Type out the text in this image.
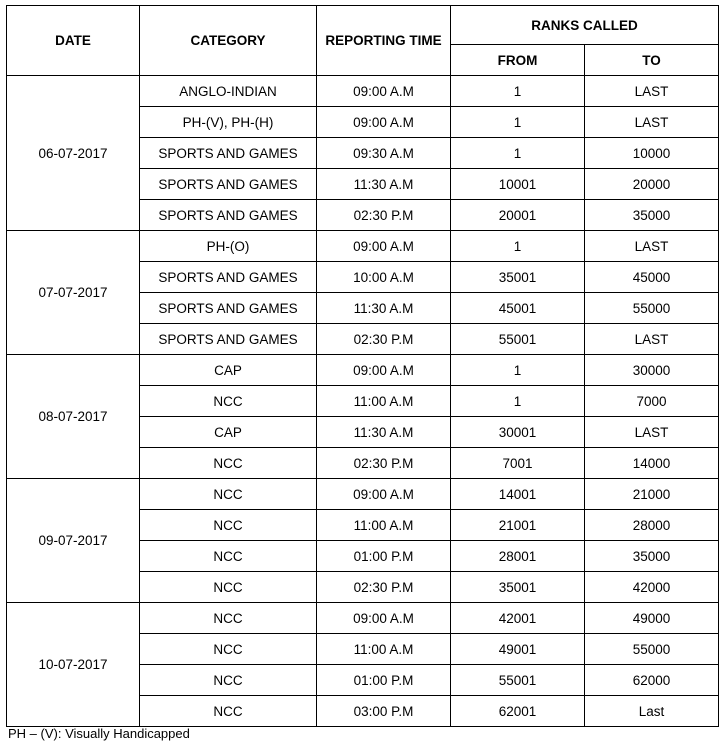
DATE	CATEGORY	REPORTING TIME	RANKS CALLED	
			FROM	TO
06-07-2017	ANGLO-INDIAN	09:00 A.M	1	LAST
	PH-(V), PH-(H)	09:00 A.M	1	LAST
	SPORTS AND GAMES	09:30 A.M	1	10000
	SPORTS AND GAMES	11:30 A.M	10001	20000
	SPORTS AND GAMES	02:30 P.M	20001	35000
07-07-2017	PH-(O)	09:00 A.M	1	LAST
	SPORTS AND GAMES	10:00 A.M	35001	45000
	SPORTS AND GAMES	11:30 A.M	45001	55000
	SPORTS AND GAMES	02:30 P.M	55001	LAST
08-07-2017	CAP	09:00 A.M	1	30000
	NCC	11:00 A.M	1	7000
	CAP	11:30 A.M	30001	LAST
	NCC	02:30 P.M	7001	14000
09-07-2017	NCC	09:00 A.M	14001	21000
	NCC	11:00 A.M	21001	28000
	NCC	01:00 P.M	28001	35000
	NCC	02:30 P.M	35001	42000
10-07-2017	NCC	09:00 A.M	42001	49000
	NCC	11:00 A.M	49001	55000
	NCC	01:00 P.M	55001	62000
	NCC	03:00 P.M	62001	Last
PH – (V): Visually Handicapped
